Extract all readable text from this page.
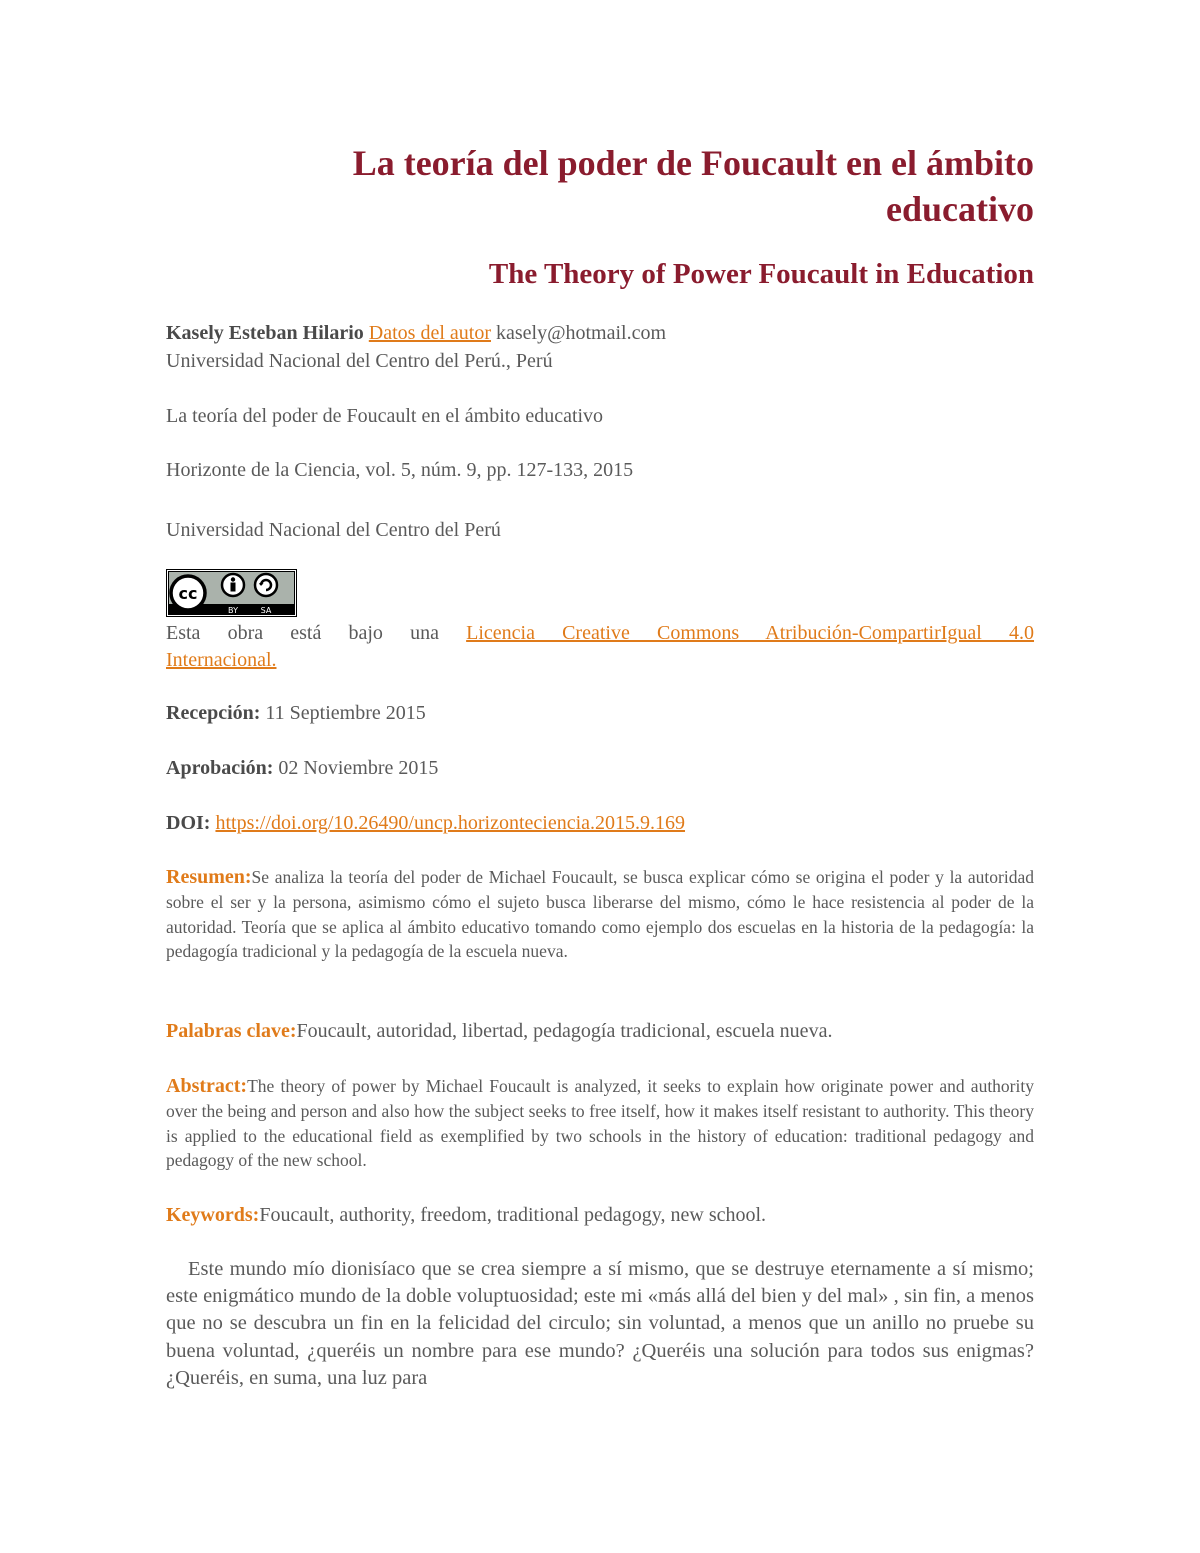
La teoría del poder de Foucault en el ámbito educativo
The Theory of Power Foucault in Education
Kasely Esteban Hilario Datos del autor kasely@hotmail.com
Universidad Nacional del Centro del Perú., Perú
La teoría del poder de Foucault en el ámbito educativo
Horizonte de la Ciencia, vol. 5, núm. 9, pp. 127-133, 2015
Universidad Nacional del Centro del Perú
cc
BY	SA
Esta obra está bajo una Licencia Creative Commons Atribución-CompartirIgual 4.0
Internacional.
Recepción: 11 Septiembre 2015
Aprobación: 02 Noviembre 2015
DOI: https://doi.org/10.26490/uncp.horizonteciencia.2015.9.169
Resumen:Se analiza la teoría del poder de Michael Foucault, se busca explicar cómo se origina el poder y la autoridad sobre el ser y la persona, asimismo cómo el sujeto busca liberarse del mismo, cómo le hace resistencia al poder de la autoridad. Teoría que se aplica al ámbito educativo tomando como ejemplo dos escuelas en la historia de la pedagogía: la pedagogía tradicional y la pedagogía de la escuela nueva.
Palabras clave:Foucault, autoridad, libertad, pedagogía tradicional, escuela nueva.
Abstract:The theory of power by Michael Foucault is analyzed, it seeks to explain how originate power and authority over the being and person and also how the subject seeks to free itself, how it makes itself resistant to authority. This theory is applied to the educational field as exemplified by two schools in the history of education: traditional pedagogy and pedagogy of the new school.
Keywords:Foucault, authority, freedom, traditional pedagogy, new school.
Este mundo mío dionisíaco que se crea siempre a sí mismo, que se destruye eternamente a sí mismo; este enigmático mundo de la doble voluptuosidad; este mi «más allá del bien y del mal» , sin fin, a menos que no se descubra un fin en la felicidad del circulo; sin voluntad, a menos que un anillo no pruebe su buena voluntad, ¿queréis un nombre para ese mundo? ¿Queréis una solución para todos sus enigmas? ¿Queréis, en suma, una luz para
